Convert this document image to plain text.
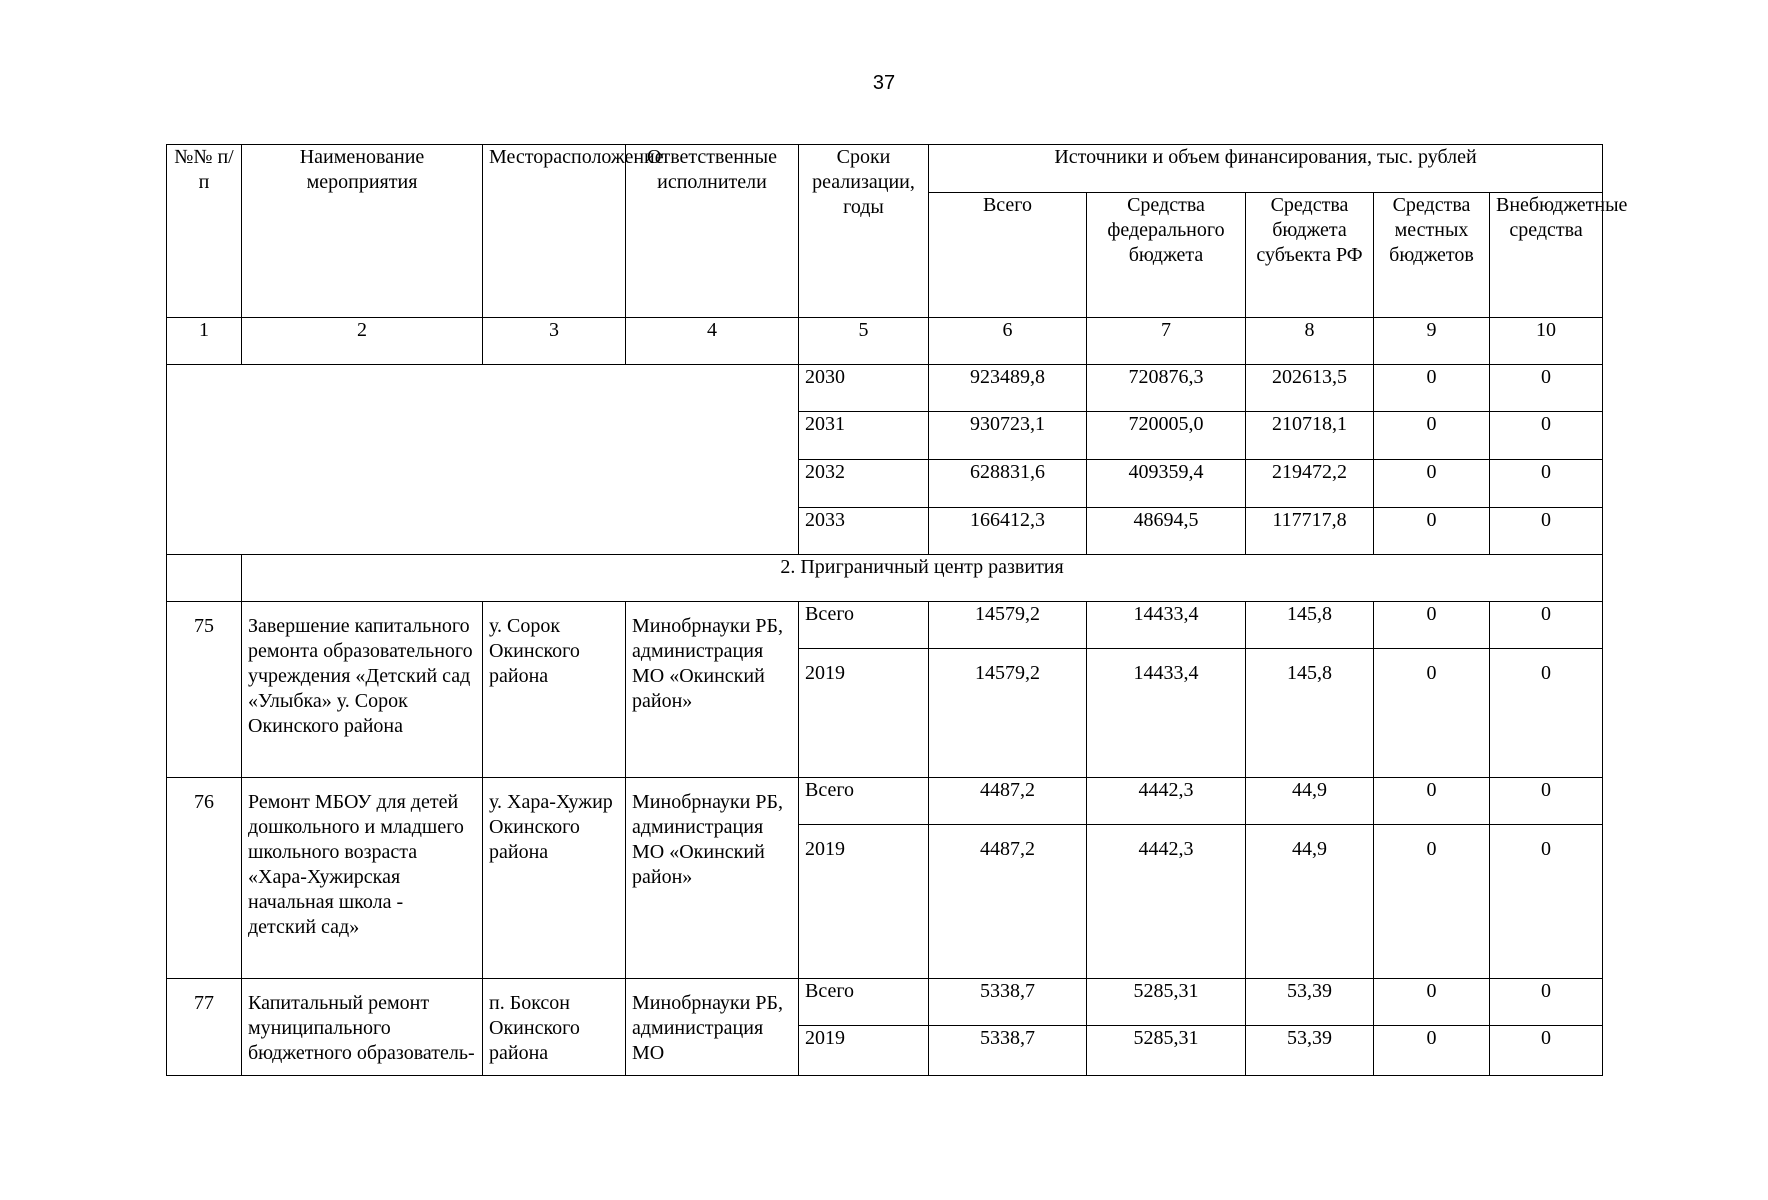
37
№№ п/п	Наименование мероприятия	Месторасположение	Ответственные исполнители	Сроки реализации, годы	Источники и объем финансирования, тыс. рублей				
					Всего	Средства федерального бюджета	Средства бюджета субъекта РФ	Средства местных бюджетов	Внебюджетные средства
1	2	3	4	5	6	7	8	9	10
				2030	923489,8	720876,3	202613,5	0	0
				2031	930723,1	720005,0	210718,1	0	0
				2032	628831,6	409359,4	219472,2	0	0
				2033	166412,3	48694,5	117717,8	0	0
	2. Приграничный центр развития								
75	Завершение капитального ремонта образовательного учреждения «Детский сад «Улыбка» у. Сорок Окинского района	у. Сорок Окинского района	Минобрнауки РБ, администрация МО «Окинский район»	Всего	14579,2	14433,4	145,8	0	0
				2019	14579,2	14433,4	145,8	0	0
76	Ремонт МБОУ для детей дошкольного и младшего школьного возраста «Хара-Хужирская начальная школа - детский сад»	у. Хара-Хужир Окинского района	Минобрнауки РБ, администрация МО «Окинский район»	Всего	4487,2	4442,3	44,9	0	0
				2019	4487,2	4442,3	44,9	0	0
77	Капитальный ремонт муниципального бюджетного образователь-	п. Боксон Окинского района	Минобрнауки РБ, администрация МО	Всего	5338,7	5285,31	53,39	0	0
				2019	5338,7	5285,31	53,39	0	0
